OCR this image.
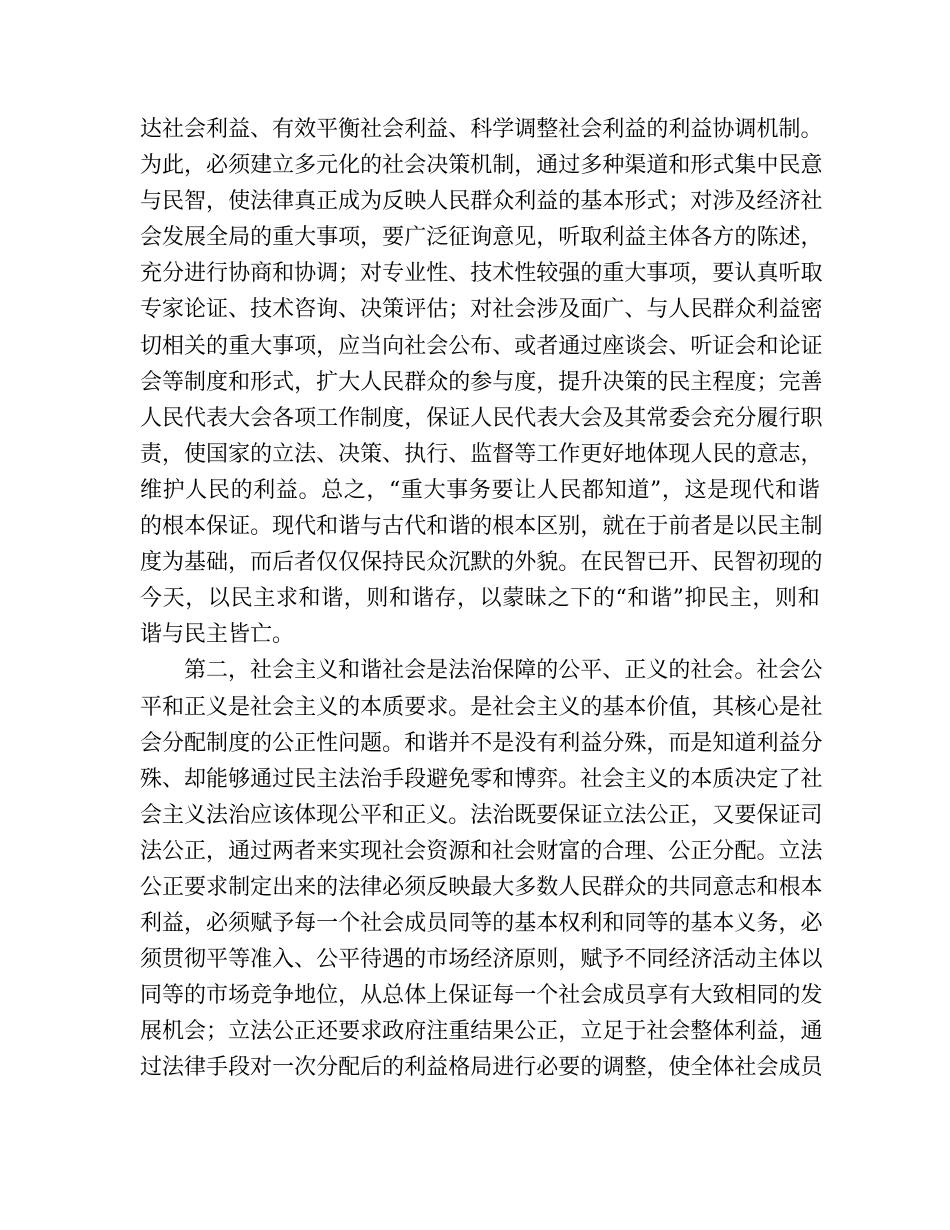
达 社 会 利 益 、 有 效 平 衡 社 会 利 益 、 科 学 调 整 社 会 利 益 的 利 益 协 调 机 制 。
为 此 ， 必 须 建 立 多 元 化 的 社 会 决 策 机 制 ， 通 过 多 种 渠 道 和 形 式 集 中 民 意
与 民 智 ， 使 法 律 真 正 成 为 反 映 人 民 群 众 利 益 的 基 本 形 式 ； 对 涉 及 经 济 社
会 发 展 全 局 的 重 大 事 项 ， 要 广 泛 征 询 意 见 ， 听 取 利 益 主 体 各 方 的 陈 述 ，
充 分 进 行 协 商 和 协 调 ； 对 专 业 性 、 技 术 性 较 强 的 重 大 事 项 ， 要 认 真 听 取
专 家 论 证 、 技 术 咨 询 、 决 策 评 估 ； 对 社 会 涉 及 面 广 、 与 人 民 群 众 利 益 密
切 相 关 的 重 大 事 项 ， 应 当 向 社 会 公 布 、 或 者 通 过 座 谈 会 、 听 证 会 和 论 证
会 等 制 度 和 形 式 ， 扩 大 人 民 群 众 的 参 与 度 ， 提 升 决 策 的 民 主 程 度 ； 完 善
人 民 代 表 大 会 各 项 工 作 制 度 ， 保 证 人 民 代 表 大 会 及 其 常 委 会 充 分 履 行 职
责 ， 使 国 家 的 立 法 、 决 策 、 执 行 、 监 督 等 工 作 更 好 地 体 现 人 民 的 意 志 ，
维 护 人 民 的 利 益 。 总 之 ， “ 重 大 事 务 要 让 人 民 都 知 道 ” ， 这 是 现 代 和 谐
的 根 本 保 证 。 现 代 和 谐 与 古 代 和 谐 的 根 本 区 别 ， 就 在 于 前 者 是 以 民 主 制
度 为 基 础 ， 而 后 者 仅 仅 保 持 民 众 沉 默 的 外 貌 。 在 民 智 已 开 、 民 智 初 现 的
今 天 ， 以 民 主 求 和 谐 ， 则 和 谐 存 ， 以 蒙 昧 之 下 的 “ 和 谐 ” 抑 民 主 ， 则 和
谐与民主皆亡。
第 二 ， 社 会 主 义 和 谐 社 会 是 法 治 保 障 的 公 平 、 正 义 的 社 会 。 社 会 公
平 和 正 义 是 社 会 主 义 的 本 质 要 求 。 是 社 会 主 义 的 基 本 价 值 ， 其 核 心 是 社
会 分 配 制 度 的 公 正 性 问 题 。 和 谐 并 不 是 没 有 利 益 分 殊 ， 而 是 知 道 利 益 分
殊 、 却 能 够 通 过 民 主 法 治 手 段 避 免 零 和 博 弈 。 社 会 主 义 的 本 质 决 定 了 社
会 主 义 法 治 应 该 体 现 公 平 和 正 义 。 法 治 既 要 保 证 立 法 公 正 ， 又 要 保 证 司
法 公 正 ， 通 过 两 者 来 实 现 社 会 资 源 和 社 会 财 富 的 合 理 、 公 正 分 配 。 立 法
公 正 要 求 制 定 出 来 的 法 律 必 须 反 映 最 大 多 数 人 民 群 众 的 共 同 意 志 和 根 本
利 益 ， 必 须 赋 予 每 一 个 社 会 成 员 同 等 的 基 本 权 利 和 同 等 的 基 本 义 务 ， 必
须 贯 彻 平 等 准 入 、 公 平 待 遇 的 市 场 经 济 原 则 ， 赋 予 不 同 经 济 活 动 主 体 以
同 等 的 市 场 竞 争 地 位 ， 从 总 体 上 保 证 每 一 个 社 会 成 员 享 有 大 致 相 同 的 发
展 机 会 ； 立 法 公 正 还 要 求 政 府 注 重 结 果 公 正 ， 立 足 于 社 会 整 体 利 益 ， 通
过 法 律 手 段 对 一 次 分 配 后 的 利 益 格 局 进 行 必 要 的 调 整 ， 使 全 体 社 会 成 员
